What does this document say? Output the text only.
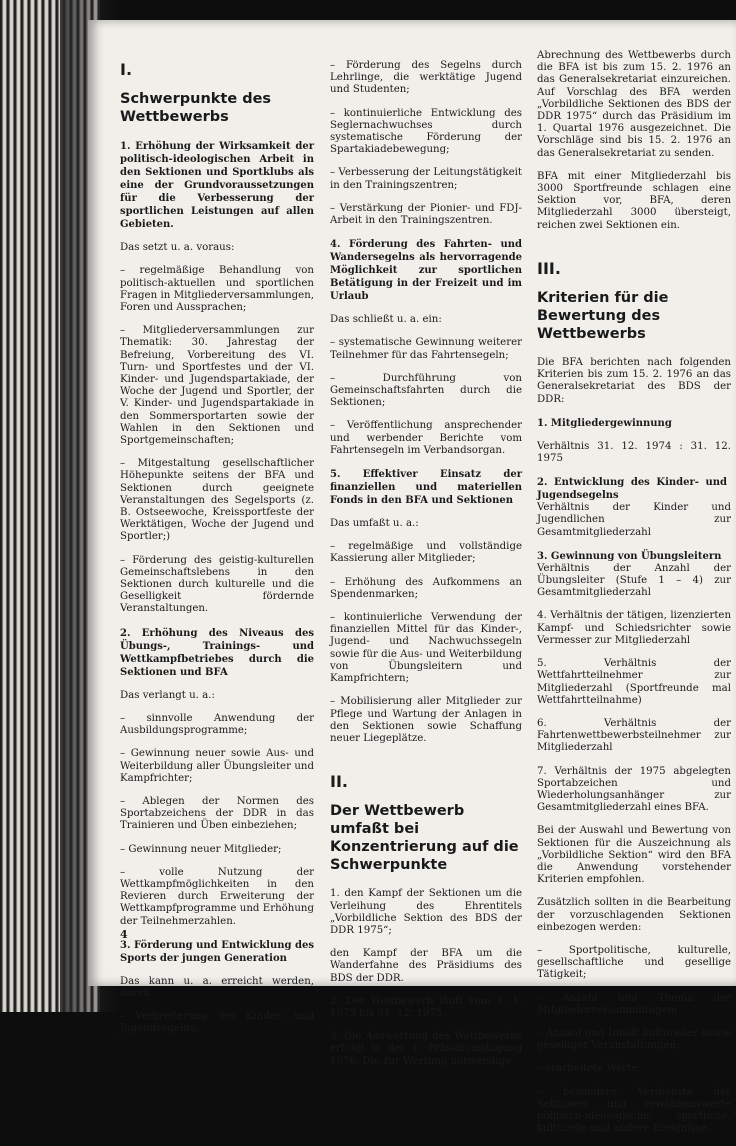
I.
Schwerpunkte des Wettbewerbs

1. Erhöhung der Wirksamkeit der politisch-ideologischen Arbeit in den Sektionen und Sportklubs als eine der Grundvoraussetzungen für die Verbesserung der sportlichen Leistungen auf allen Gebieten.

Das setzt u. a. voraus:

– regelmäßige Behandlung von politisch-aktuellen und sportlichen Fragen in Mitgliederversammlungen, Foren und Aussprachen;

– Mitgliederversammlungen zur Thematik: 30. Jahrestag der Befreiung, Vorbereitung des VI. Turn- und Sportfestes und der VI. Kinder- und Jugendspartakiade, der Woche der Jugend und Sportler, der V. Kinder- und Jugendspartakiade in den Sommersportarten sowie der Wahlen in den Sektionen und Sportgemeinschaften;

– Mitgestaltung gesellschaftlicher Höhepunkte seitens der BFA und Sektionen durch geeignete Veranstaltungen des Segelsports (z. B. Ostseewoche, Kreissportfeste der Werktätigen, Woche der Jugend und Sportler;)

– Förderung des geistig-kulturellen Gemeinschaftslebens in den Sektionen durch kulturelle und die Geselligkeit fördernde Veranstaltungen.

2. Erhöhung des Niveaus des Übungs-, Trainings- und Wettkampfbetriebes durch die Sektionen und BFA

Das verlangt u. a.:

– sinnvolle Anwendung der Ausbildungsprogramme;

– Gewinnung neuer sowie Aus- und Weiterbildung aller Übungsleiter und Kampfrichter;

– Ablegen der Normen des Sportabzeichens der DDR in das Trainieren und Üben einbeziehen;

– Gewinnung neuer Mitglieder;

– volle Nutzung der Wettkampfmöglichkeiten in den Revieren durch Erweiterung der Wettkampfprogramme und Erhöhung der Teilnehmerzahlen.

3. Förderung und Entwicklung des Sports der jungen Generation

Das kann u. a. erreicht werden, durch

– Verbreiterung des Kinder- und Jugendsegelns;

– Förderung des Segelns durch Lehrlinge, die werktätige Jugend und Studenten;

– kontinuierliche Entwicklung des Seglernachwuchses durch systematische Förderung der Spartakiadebewegung;

– Verbesserung der Leitungstätigkeit in den Trainingszentren;

– Verstärkung der Pionier- und FDJ-Arbeit in den Trainingszentren.

4. Förderung des Fahrten- und Wandersegelns als hervorragende Möglichkeit zur sportlichen Betätigung in der Freizeit und im Urlaub

Das schließt u. a. ein:

– systematische Gewinnung weiterer Teilnehmer für das Fahrtensegeln;

– Durchführung von Gemeinschaftsfahrten durch die Sektionen;

– Veröffentlichung ansprechender und werbender Berichte vom Fahrtensegeln im Verbandsorgan.

5. Effektiver Einsatz der finanziellen und materiellen Fonds in den BFA und Sektionen

Das umfaßt u. a.:

– regelmäßige und vollständige Kassierung aller Mitglieder;

– Erhöhung des Aufkommens an Spendenmarken;

– kontinuierliche Verwendung der finanziellen Mittel für das Kinder-, Jugend- und Nachwuchssegeln sowie für die Aus- und Weiterbildung von Übungsleitern und Kampfrichtern;

– Mobilisierung aller Mitglieder zur Pflege und Wartung der Anlagen in den Sektionen sowie Schaffung neuer Liegeplätze.

II.
Der Wettbewerb umfaßt bei Konzentrierung auf die Schwerpunkte

1. den Kampf der Sektionen um die Verleihung des Ehrentitels „Vorbildliche Sektion des BDS der DDR 1975“;

den Kampf der BFA um die Wanderfahne des Präsidiums des BDS der DDR.

2. Der Wettbewerb läuft vom 1. 1. 1975 bis 31. 12. 1975.

3. Die Auswertung des Wettbewerbs erfolgt in der 1. Präsidiumstagung 1976. Die zur Wertung notwendige

Abrechnung des Wettbewerbs durch die BFA ist bis zum 15. 2. 1976 an das Generalsekretariat einzureichen. Auf Vorschlag des BFA werden „Vorbildliche Sektionen des BDS der DDR 1975“ durch das Präsidium im 1. Quartal 1976 ausgezeichnet. Die Vorschläge sind bis 15. 2. 1976 an das Generalsekretariat zu senden.

BFA mit einer Mitgliederzahl bis 3000 Sportfreunde schlagen eine Sektion vor, BFA, deren Mitgliederzahl 3000 übersteigt, reichen zwei Sektionen ein.

III.
Kriterien für die Bewertung des Wettbewerbs

Die BFA berichten nach folgenden Kriterien bis zum 15. 2. 1976 an das Generalsekretariat des BDS der DDR:

1. Mitgliedergewinnung

Verhältnis 31. 12. 1974 : 31. 12. 1975

2. Entwicklung des Kinder- und Jugendsegelns

Verhältnis der Kinder und Jugendlichen zur Gesamtmitgliederzahl

3. Gewinnung von Übungsleitern

Verhältnis der Anzahl der Übungsleiter (Stufe 1 – 4) zur Gesamtmitgliederzahl

4. Verhältnis der tätigen, lizenzierten Kampf- und Schiedsrichter sowie Vermesser zur Mitgliederzahl

5. Verhältnis der Wettfahrtteilnehmer zur Mitgliederzahl (Sportfreunde mal Wettfahrtteilnahme)

6. Verhältnis der Fahrtenwettbewerbsteilnehmer zur Mitgliederzahl

7. Verhältnis der 1975 abgelegten Sportabzeichen und Wiederholungsanhänger zur Gesamtmitgliederzahl eines BFA.

Bei der Auswahl und Bewertung von Sektionen für die Auszeichnung als „Vorbildliche Sektion“ wird den BFA die Anwendung vorstehender Kriterien empfohlen.

Zusätzlich sollten in die Bearbeitung der vorzuschlagenden Sektionen einbezogen werden:

– Sportpolitische, kulturelle, gesellschaftliche und gesellige Tätigkeit;

– Anzahl und Thema der Mitgliederversammlungen;

– Anzahl und Inhalt kultureller sowie geselliger Veranstaltungen;

– erarbeitete Werte;

– besondere Verdienste der Sektionen und erwähnenswerte politisch-ideologische, sportliche, kulturelle und andere Ereignisse.

4
